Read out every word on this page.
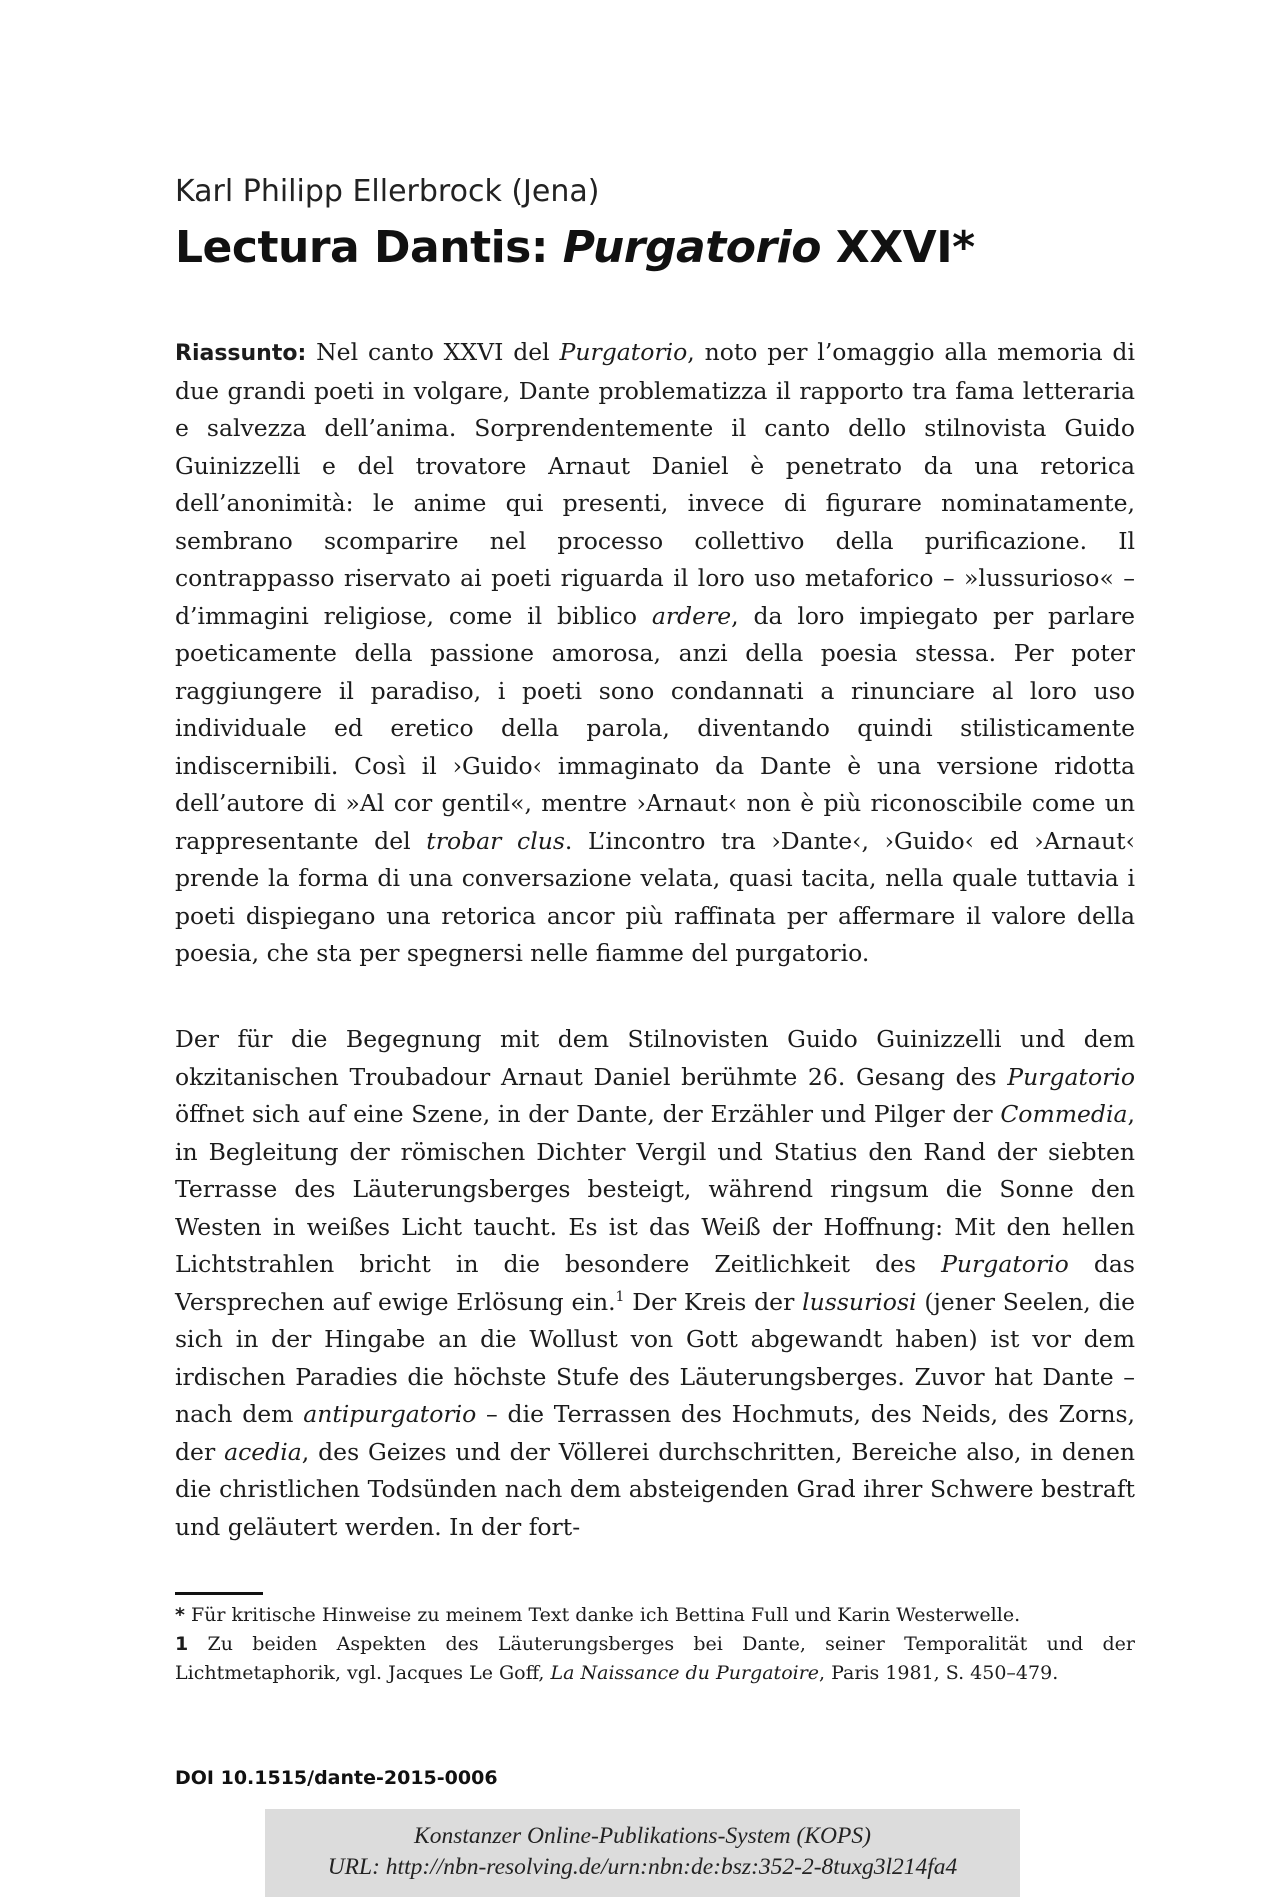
Karl Philipp Ellerbrock (Jena)
Lectura Dantis: Purgatorio XXVI*
Riassunto: Nel canto XXVI del Purgatorio, noto per l’omaggio alla memoria di due grandi poeti in volgare, Dante problematizza il rapporto tra fama letteraria e salvezza dell’anima. Sorprendentemente il canto dello stilnovista Guido Guinizzelli e del trovatore Arnaut Daniel è penetrato da una retorica dell’anonimità: le anime qui presenti, invece di figurare nominatamente, sembrano scomparire nel processo collettivo della purificazione. Il contrappasso riservato ai poeti riguarda il loro uso metaforico – »lussurioso« – d’immagini religiose, come il biblico ardere, da loro impiegato per parlare poeticamente della passione amorosa, anzi della poesia stessa. Per poter raggiungere il paradiso, i poeti sono condannati a rinunciare al loro uso individuale ed eretico della parola, diventando quindi stilisticamente indiscernibili. Così il ›Guido‹ immaginato da Dante è una versione ridotta dell’autore di »Al cor gentil«, mentre ›Arnaut‹ non è più riconoscibile come un rappresentante del trobar clus. L’incontro tra ›Dante‹, ›Guido‹ ed ›Arnaut‹ prende la forma di una conversazione velata, quasi tacita, nella quale tuttavia i poeti dispiegano una retorica ancor più raffinata per affermare il valore della poesia, che sta per spegnersi nelle fiamme del purgatorio.
Der für die Begegnung mit dem Stilnovisten Guido Guinizzelli und dem okzitanischen Troubadour Arnaut Daniel berühmte 26. Gesang des Purgatorio öffnet sich auf eine Szene, in der Dante, der Erzähler und Pilger der Commedia, in Begleitung der römischen Dichter Vergil und Statius den Rand der siebten Terrasse des Läuterungsberges besteigt, während ringsum die Sonne den Westen in weißes Licht taucht. Es ist das Weiß der Hoffnung: Mit den hellen Lichtstrahlen bricht in die besondere Zeitlichkeit des Purgatorio das Versprechen auf ewige Erlösung ein.$^1$ Der Kreis der lussuriosi (jener Seelen, die sich in der Hingabe an die Wollust von Gott abgewandt haben) ist vor dem irdischen Paradies die höchste Stufe des Läuterungsberges. Zuvor hat Dante – nach dem antipurgatorio – die Terrassen des Hochmuts, des Neids, des Zorns, der acedia, des Geizes und der Völlerei durchschritten, Bereiche also, in denen die christlichen Todsünden nach dem absteigenden Grad ihrer Schwere bestraft und geläutert werden. In der fort-
* Für kritische Hinweise zu meinem Text danke ich Bettina Full und Karin Westerwelle.
1 Zu beiden Aspekten des Läuterungsberges bei Dante, seiner Temporalität und der Lichtmetaphorik, vgl. Jacques Le Goff, La Naissance du Purgatoire, Paris 1981, S. 450–479.
DOI 10.1515/dante-2015-0006
Konstanzer Online-Publikations-System (KOPS)
URL: http://nbn-resolving.de/urn:nbn:de:bsz:352-2-8tuxg3l214fa4
